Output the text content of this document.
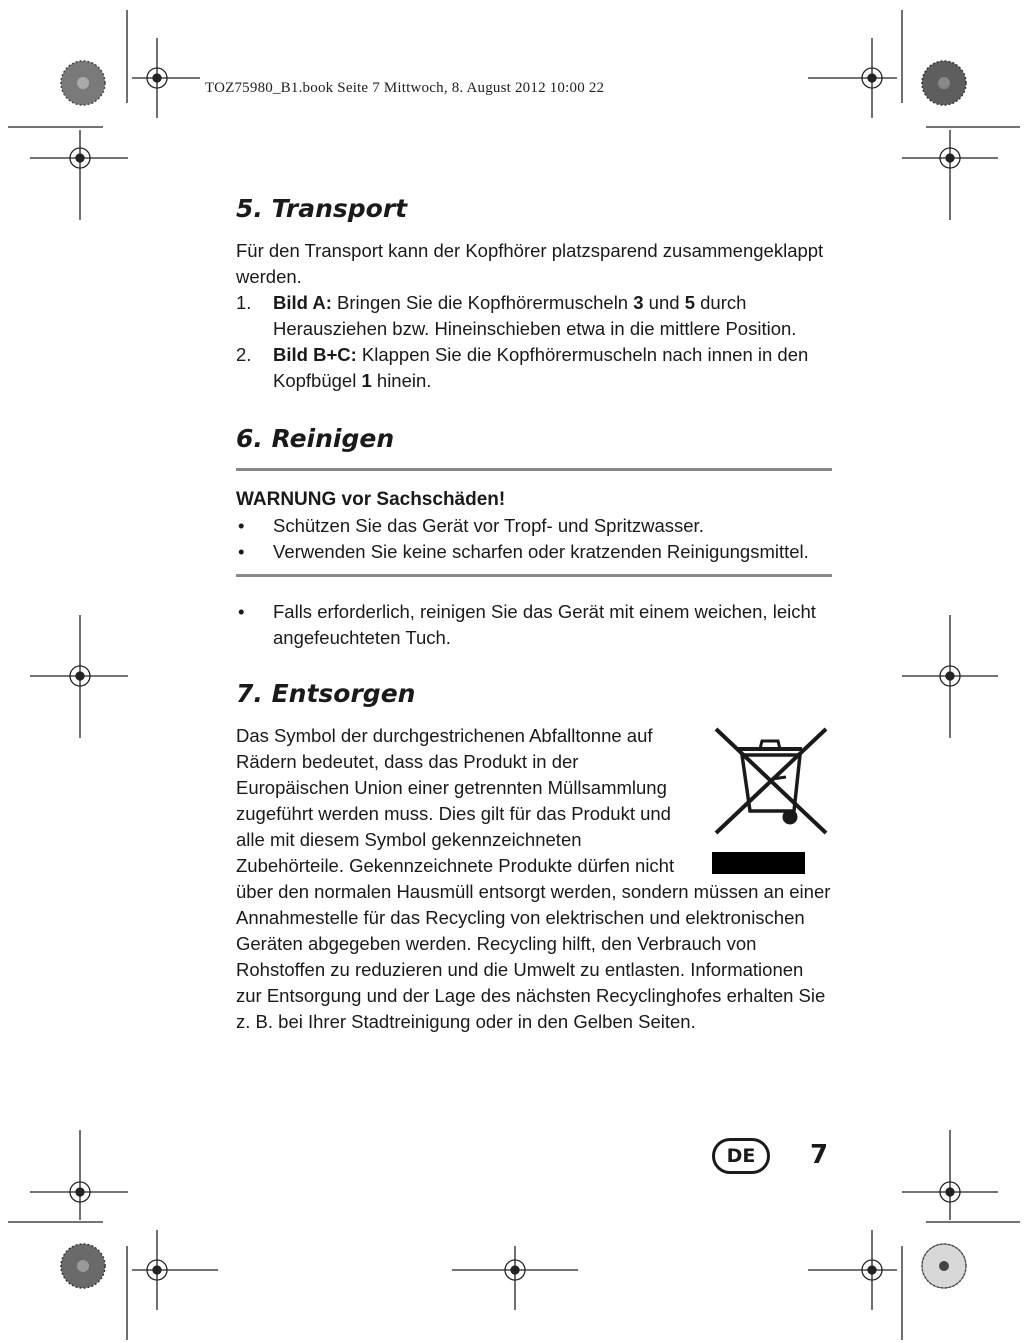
TOZ75980_B1.book Seite 7 Mittwoch, 8. August 2012 10:00 22
5. Transport

Für den Transport kann der Kopfhörer platzsparend zusammengeklappt werden.

1. Bild A: Bringen Sie die Kopfhörermuscheln 3 und 5 durch Herausziehen bzw. Hineinschieben etwa in die mittlere Position.
2. Bild B+C: Klappen Sie die Kopfhörermuscheln nach innen in den Kopfbügel 1 hinein.
6. Reinigen

WARNUNG vor Sachschäden!

• Schützen Sie das Gerät vor Tropf- und Spritzwasser.

• Verwenden Sie keine scharfen oder kratzenden Reinigungsmittel.

• Falls erforderlich, reinigen Sie das Gerät mit einem weichen, leicht angefeuchteten Tuch.

7. Entsorgen

Das Symbol der durchgestrichenen Abfalltonne auf Rädern bedeutet, dass das Produkt in der Europäischen Union einer getrennten Müllsammlung zugeführt werden muss. Dies gilt für das Produkt und alle mit diesem Symbol gekennzeichneten Zubehörteile. Gekennzeichnete Produkte dürfen nicht über den normalen Hausmüll entsorgt werden, sondern müssen an einer Annahmestelle für das Recycling von elektrischen und elektronischen Geräten abgegeben werden. Recycling hilft, den Verbrauch von Rohstoffen zu reduzieren und die Umwelt zu entlasten. Informationen zur Entsorgung und der Lage des nächsten Recyclinghofes erhalten Sie z. B. bei Ihrer Stadtreinigung oder in den Gelben Seiten.

DE	7
